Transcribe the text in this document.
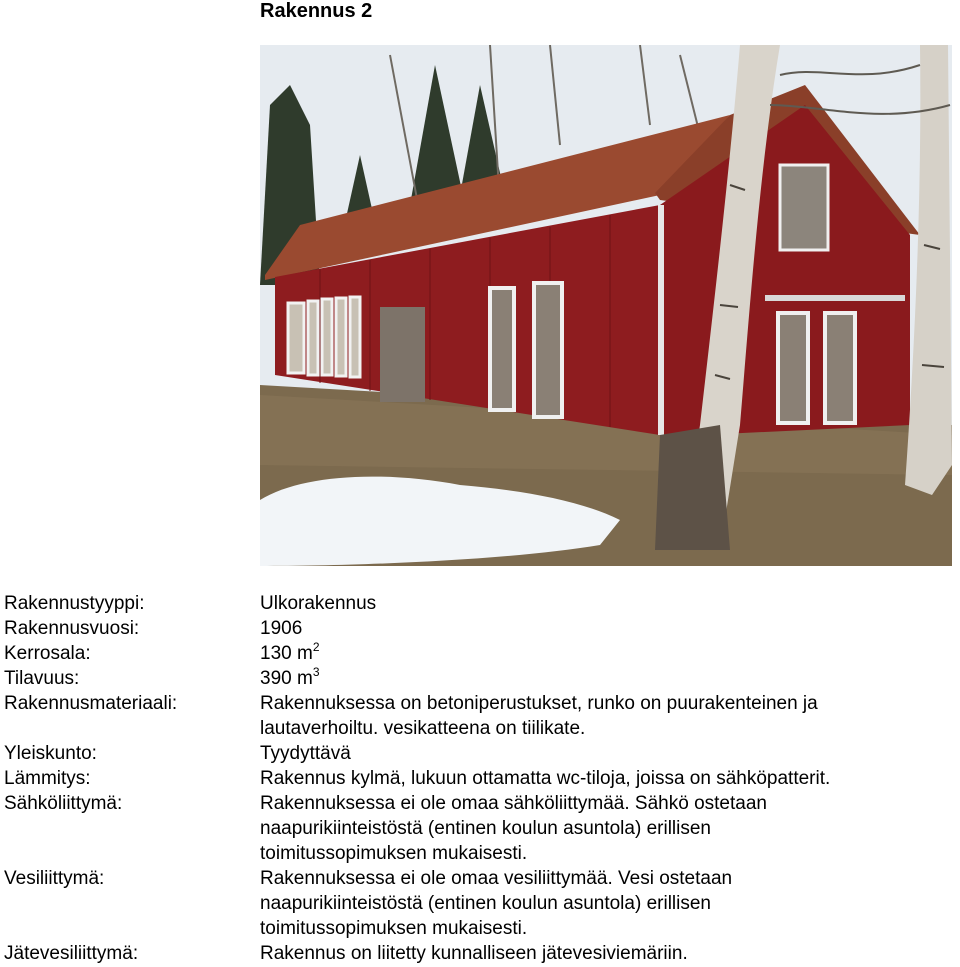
Rakennus 2
Rakennustyyppi:	Ulkorakennus
Rakennusvuosi:	1906
Kerrosala:	130 $m^2$
Tilavuus:	390 $m^3$
Rakennusmateriaali:	Rakennuksessa on betoniperustukset, runko on puurakenteinen ja
lautaverhoiltu. vesikatteena on tiilikate.
Yleiskunto:	Tyydyttävä
Lämmitys:	Rakennus kylmä, lukuun ottamatta wc-tiloja, joissa on sähköpatterit.
Sähköliittymä:	Rakennuksessa ei ole omaa sähköliittymää. Sähkö ostetaan
naapurikiinteistöstä (entinen koulun asuntola) erillisen
toimitussopimuksen mukaisesti.
Vesiliittymä:	Rakennuksessa ei ole omaa vesiliittymää. Vesi ostetaan
naapurikiinteistöstä (entinen koulun asuntola) erillisen
toimitussopimuksen mukaisesti.
Jätevesiliittymä:	Rakennus on liitetty kunnalliseen jätevesiviemäriin.
